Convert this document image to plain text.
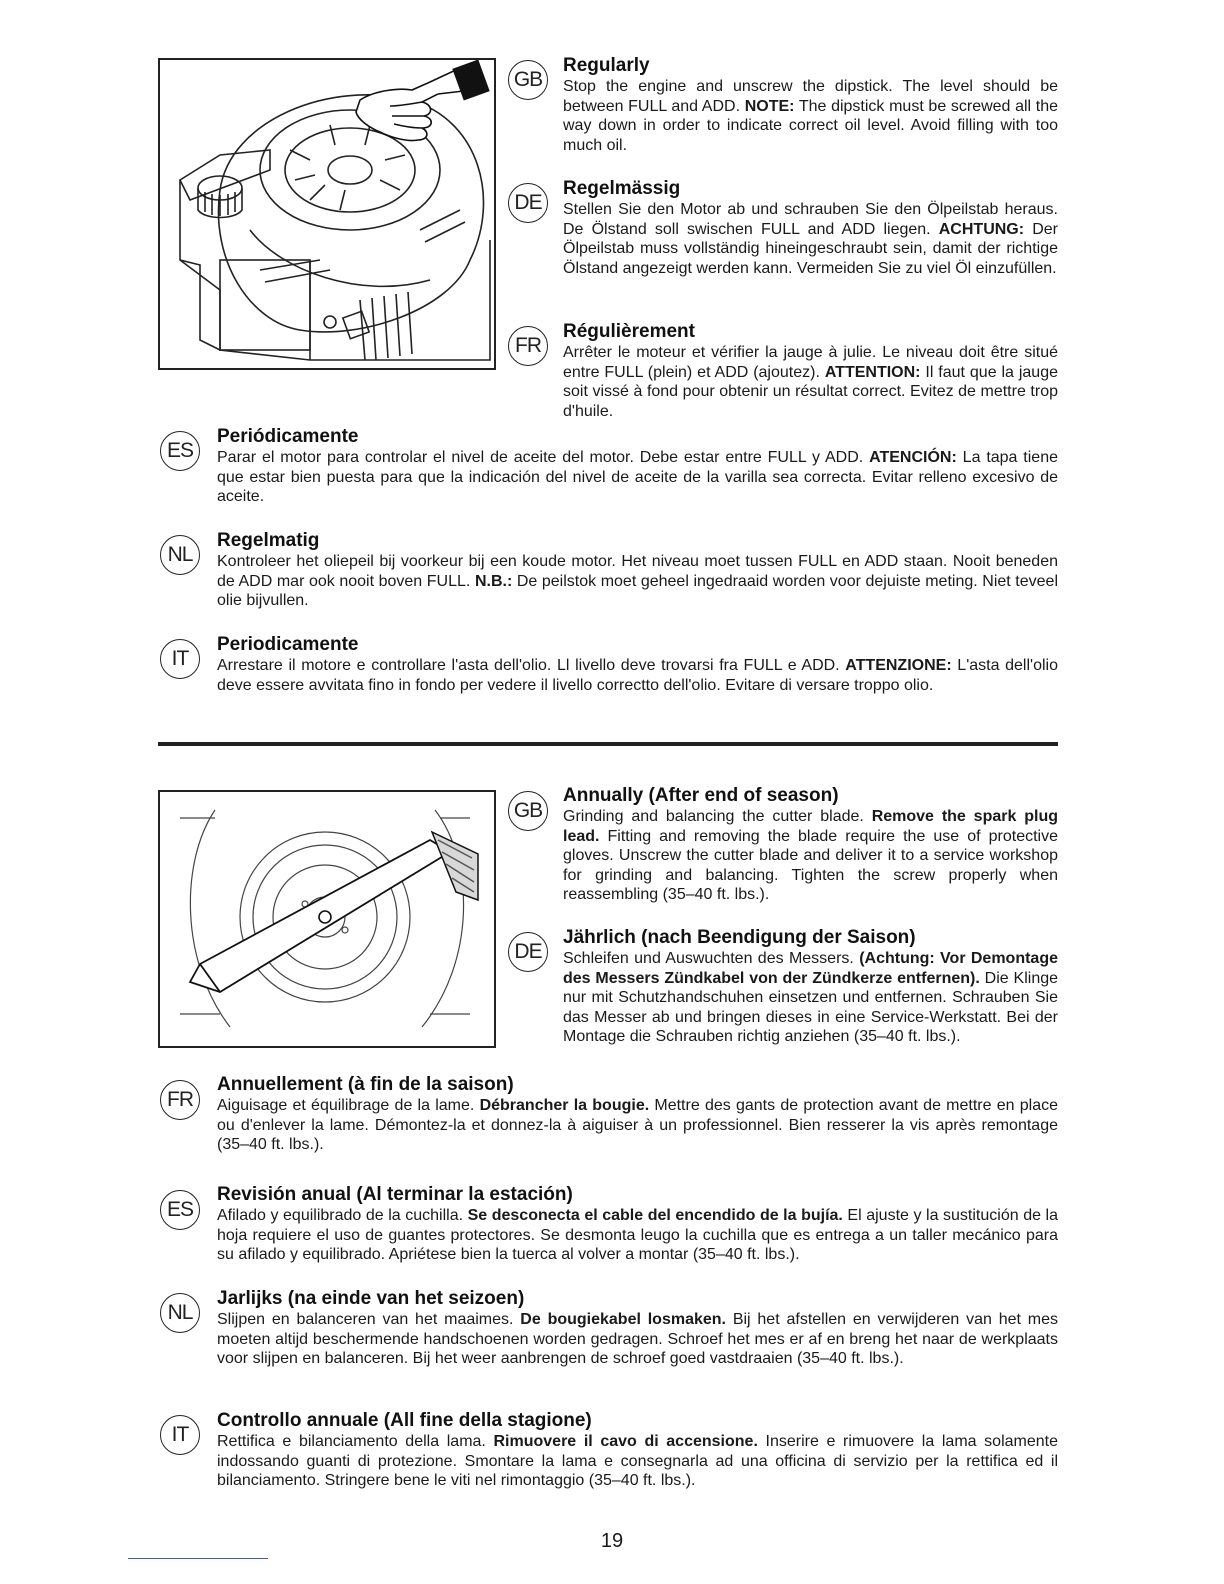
GB
Regularly
Stop the engine and unscrew the dipstick. The level should be between FULL and ADD. NOTE: The dipstick must be screwed all the way down in order to indicate correct oil level. Avoid filling with too much oil.
DE
Regelmässig
Stellen Sie den Motor ab und schrauben Sie den Ölpeilstab heraus. De Ölstand soll swischen FULL and ADD liegen. ACHTUNG: Der Ölpeilstab muss vollständig hineingeschraubt sein, damit der richtige Ölstand angezeigt werden kann. Vermeiden Sie zu viel Öl einzufüllen.
FR
Régulièrement
Arrêter le moteur et vérifier la jauge à julie. Le niveau doit être situé entre FULL (plein) et ADD (ajoutez). ATTENTION: Il faut que la jauge soit vissé à fond pour obtenir un résultat correct. Evitez de mettre trop d'huile.
ES
Periódicamente
Parar el motor para controlar el nivel de aceite del motor. Debe estar entre FULL y ADD. ATENCIÓN: La tapa tiene que estar bien puesta para que la indicación del nivel de aceite de la varilla sea correcta. Evitar relleno excesivo de aceite.
NL
Regelmatig
Kontroleer het oliepeil bij voorkeur bij een koude motor. Het niveau moet tussen FULL en ADD staan. Nooit beneden de ADD mar ook nooit boven FULL. N.B.: De peilstok moet geheel ingedraaid worden voor dejuiste meting. Niet teveel olie bijvullen.
IT
Periodicamente
Arrestare il motore e controllare l'asta dell'olio. Ll livello deve trovarsi fra FULL e ADD. ATTENZIONE: L'asta dell'olio deve essere avvitata fino in fondo per vedere il livello correctto dell'olio. Evitare di versare troppo olio.
GB
Annually (After end of season)
Grinding and balancing the cutter blade. Remove the spark plug lead. Fitting and removing the blade require the use of protective gloves. Unscrew the cutter blade and deliver it to a service workshop for grinding and balancing. Tighten the screw properly when reassembling (35–40 ft. lbs.).
DE
Jährlich (nach Beendigung der Saison)
Schleifen und Auswuchten des Messers. (Achtung: Vor Demontage des Messers Zündkabel von der Zündkerze entfernen). Die Klinge nur mit Schutzhandschuhen einsetzen und entfernen. Schrauben Sie das Messer ab und bringen dieses in eine Service-Werkstatt. Bei der Montage die Schrauben richtig anziehen (35–40 ft. lbs.).
FR
Annuellement (à fin de la saison)
Aiguisage et équilibrage de la lame. Débrancher la bougie. Mettre des gants de protection avant de mettre en place ou d'enlever la lame. Démontez-la et donnez-la à aiguiser à un professionnel. Bien resserer la vis après remontage (35–40 ft. lbs.).
ES
Revisión anual (Al terminar la estación)
Afilado y equilibrado de la cuchilla. Se desconecta el cable del encendido de la bujía. El ajuste y la sustitución de la hoja requiere el uso de guantes protectores. Se desmonta leugo la cuchilla que es entrega a un taller mecánico para su afilado y equilibrado. Apriétese bien la tuerca al volver a montar (35–40 ft. lbs.).
NL
Jarlijks (na einde van het seizoen)
Slijpen en balanceren van het maaimes. De bougiekabel losmaken. Bij het afstellen en verwijderen van het mes moeten altijd beschermende handschoenen worden gedragen. Schroef het mes er af en breng het naar de werkplaats voor slijpen en balanceren. Bij het weer aanbrengen de schroef goed vastdraaien (35–40 ft. lbs.).
IT
Controllo annuale (All fine della stagione)
Rettifica e bilanciamento della lama. Rimuovere il cavo di accensione. Inserire e rimuovere la lama solamente indossando guanti di protezione. Smontare la lama e consegnarla ad una officina di servizio per la rettifica ed il bilanciamento. Stringere bene le viti nel rimontaggio (35–40 ft. lbs.).
19
